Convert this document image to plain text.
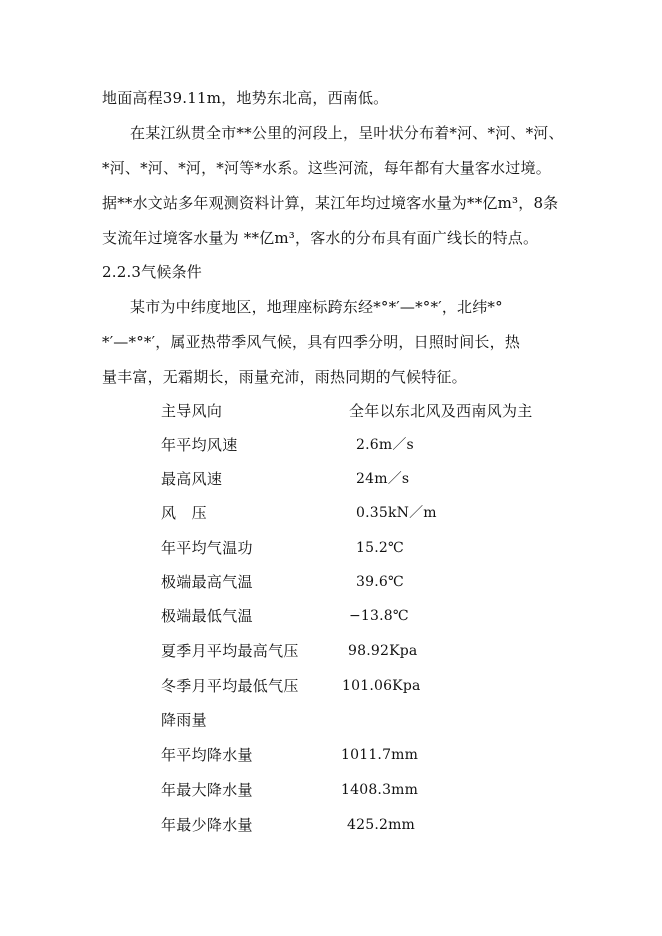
地面高程39.11m，地势东北高，西南低。
在某江纵贯全市**公里的河段上，呈叶状分布着*河、*河、*河、
*河、*河、*河，*河等*水系。这些河流，每年都有大量客水过境。
据**水文站多年观测资料计算，某江年均过境客水量为**亿m³，8条
支流年过境客水量为 **亿m³，客水的分布具有面广线长的特点。
2.2.3气候条件
某市为中纬度地区，地理座标跨东经*°*′—*°*′，北纬*°
*′—*°*′，属亚热带季风气候，具有四季分明，日照时间长，热
量丰富，无霜期长，雨量充沛，雨热同期的气候特征。
主导风向	全年以东北风及西南风为主
年平均风速	2.6m／s
最高风速	24m／s
风　压	0.35kN／m
年平均气温功	15.2℃
极端最高气温	39.6℃
极端最低气温	−13.8℃
夏季月平均最高气压	98.92Kpa
冬季月平均最低气压	101.06Kpa
降雨量
年平均降水量	1011.7mm
年最大降水量	1408.3mm
年最少降水量	425.2mm
